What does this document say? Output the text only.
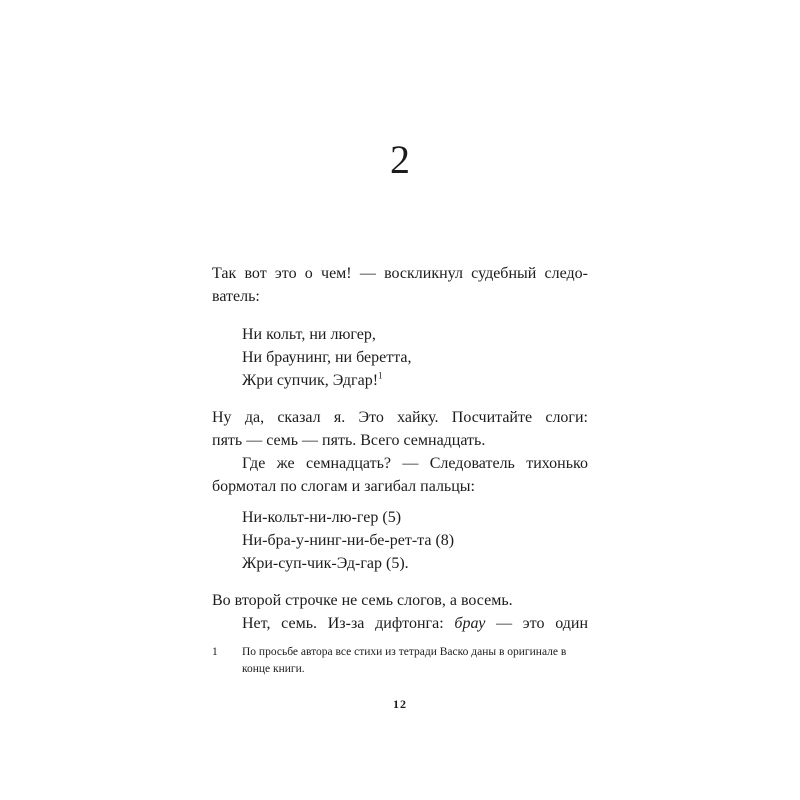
2

Так вот это о чем! — воскликнул судебный следо-

ватель:

Ни кольт, ни люгер,
Ни браунинг, ни беретта,
Жри супчик, Эдгар!$^1$

Ну да, сказал я. Это хайку. Посчитайте слоги:

пять — семь — пять. Всего семнадцать.

Где же семнадцать? — Следователь тихонько

бормотал по слогам и загибал пальцы:

Ни-кольт-ни-лю-гер (5)
Ни-бра-у-нинг-ни-бе-рет-та (8)
Жри-суп-чик-Эд-гар (5).

Во второй строчке не семь слогов, а восемь.

Нет, семь. Из-за дифтонга: брау — это один

1 По просьбе автора все стихи из тетради Васко даны в оригинале в конце книги.
12
